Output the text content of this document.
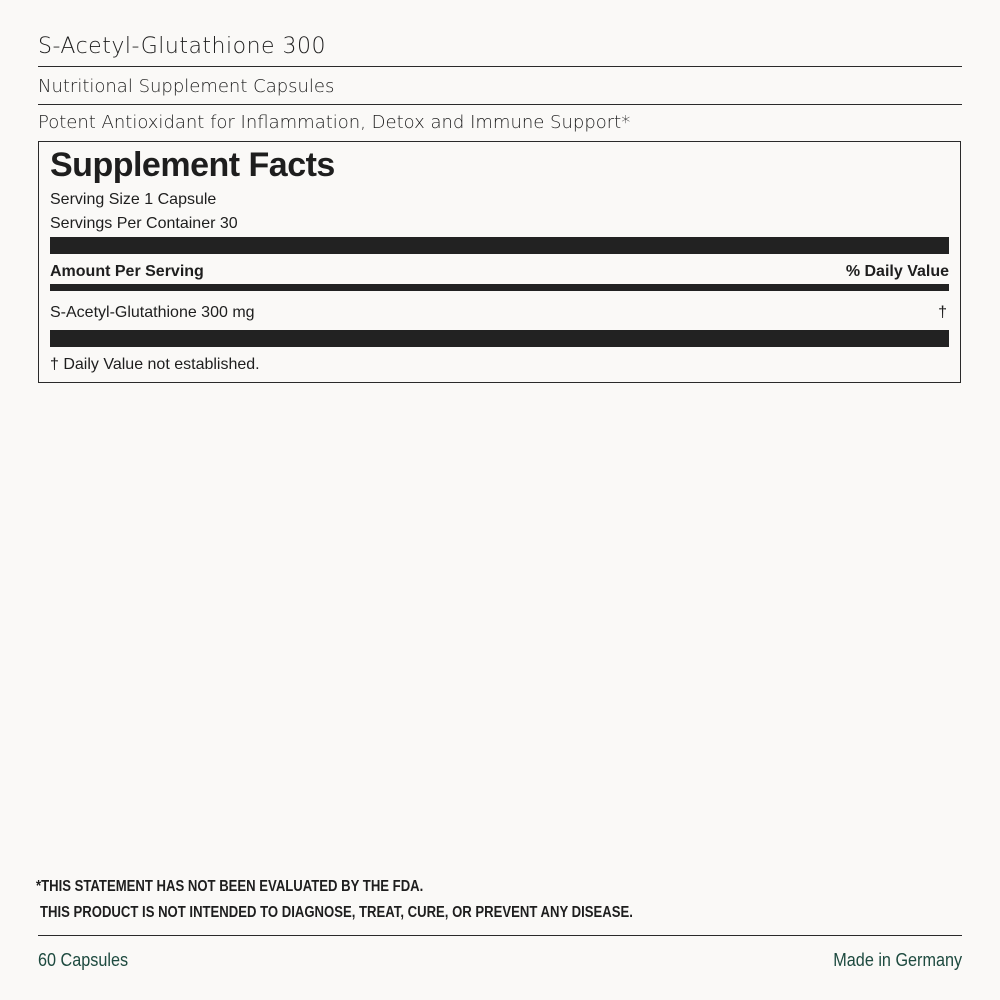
S-Acetyl-Glutathione 300
Nutritional Supplement Capsules
Potent Antioxidant for Inflammation, Detox and Immune Support*
Supplement Facts
Serving Size 1 Capsule
Servings Per Container 30
Amount Per Serving	% Daily Value
S-Acetyl-Glutathione 300 mg	†
† Daily Value not established.
*THIS STATEMENT HAS NOT BEEN EVALUATED BY THE FDA.
THIS PRODUCT IS NOT INTENDED TO DIAGNOSE, TREAT, CURE, OR PREVENT ANY DISEASE.
60 Capsules	Made in Germany
